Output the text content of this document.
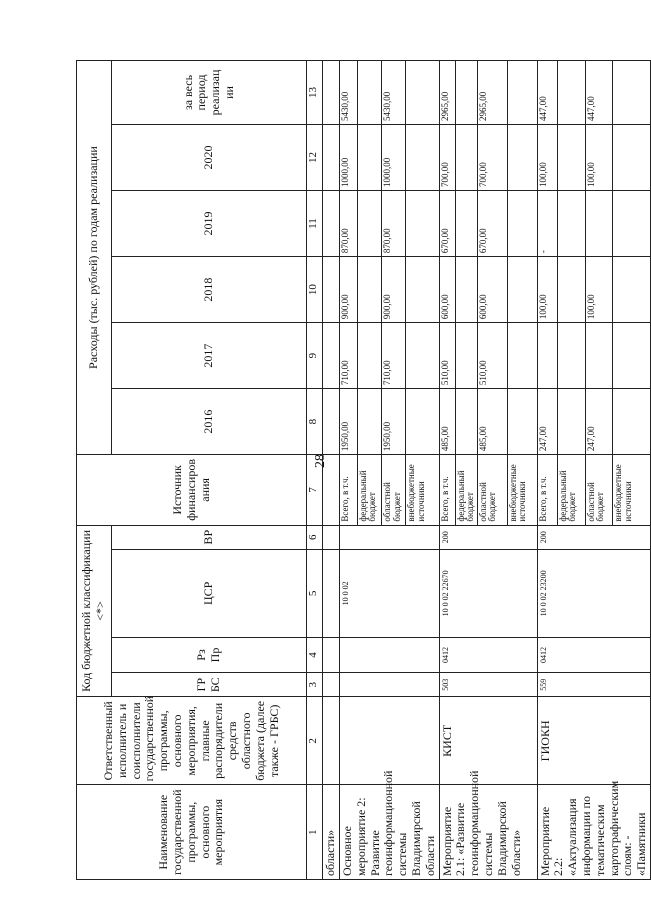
28
Наименование государственной программы, основного мероприятия	Ответственный исполнитель и соисполнители государственной программы, основного мероприятия, главные распорядители средств областного бюджета (далее также - ГРБС)	Код бюджетной классификации <*>				Источник финансиров ания	Расходы (тыс. рублей) по годам реализации					
		ГР БС	Рз Пр	ЦСР	ВР		2016	2017	2018	2019	2020	за весь период реализац ии
1	2	3	4	5	6	7	8	9	10	11	12	13
области»												
Основное мероприятие 2: Развитие геоинформационной системы Владимирской области				10 0 02		Всего, в т.ч.	1950,00	710,00	900,00	870,00	1000,00	5430,00
						федеральный бюджет						
						областной бюджет	1950,00	710,00	900,00	870,00	1000,00	5430,00
						внебюджетные источники						
Мероприятие 2.1: «Развитие геоинформационной системы Владимирской области»	КИСТ	503	0412	10 0 02 22670	200	Всего, в т.ч.	485,00	510,00	600,00	670,00	700,00	2965,00
						федеральный бюджет						
						областной бюджет	485,00	510,00	600,00	670,00	700,00	2965,00
						внебюджетные источники						
Мероприятие 2.2: «Актуализация информации по тематическим картографическим слоям: - «Памятники	ГИОКН	559	0412	10 0 02 23200	200	Всего, в т.ч.	247,00		100,00	-	100,00	447,00
						федеральный бюджет						
						областной бюджет	247,00		100,00		100,00	447,00
						внебюджетные источники						
